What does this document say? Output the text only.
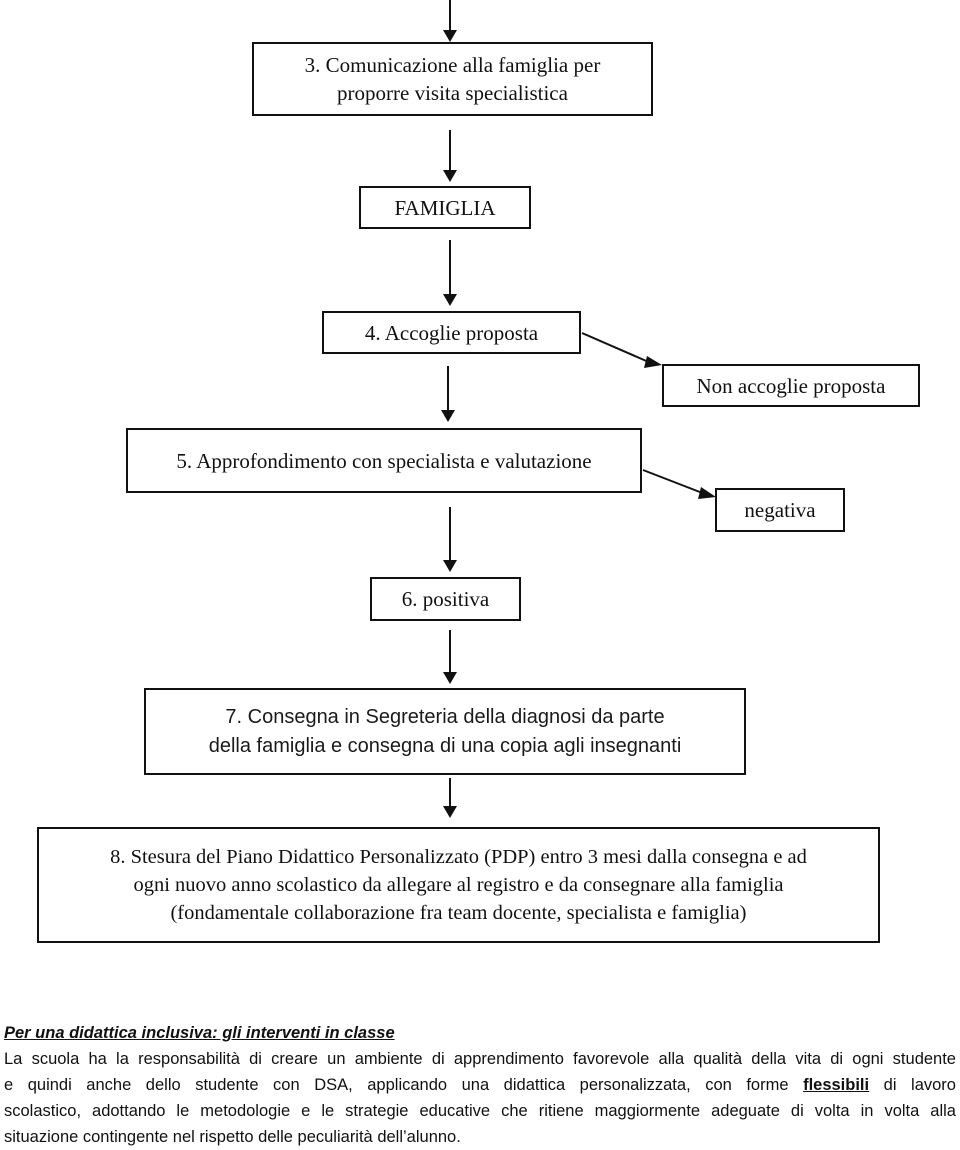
3. Comunicazione alla famiglia per
proporre visita specialistica
FAMIGLIA
4. Accoglie proposta
Non accoglie proposta
5. Approfondimento con specialista e valutazione
negativa
6. positiva
7. Consegna in Segreteria della diagnosi da parte
della famiglia e consegna di una copia agli insegnanti
8. Stesura del Piano Didattico Personalizzato (PDP) entro 3 mesi dalla consegna e ad
ogni nuovo anno scolastico da allegare al registro e da consegnare alla famiglia
(fondamentale collaborazione fra team docente, specialista e famiglia)
Per una didattica inclusiva: gli interventi in classe
La scuola ha la responsabilità di creare un ambiente di apprendimento favorevole alla qualità della vita di ogni studente
e quindi anche dello studente con DSA, applicando una didattica personalizzata, con forme flessibili di lavoro
scolastico, adottando le metodologie e le strategie educative che ritiene maggiormente adeguate di volta in volta alla
situazione contingente nel rispetto delle peculiarità dell’alunno.
